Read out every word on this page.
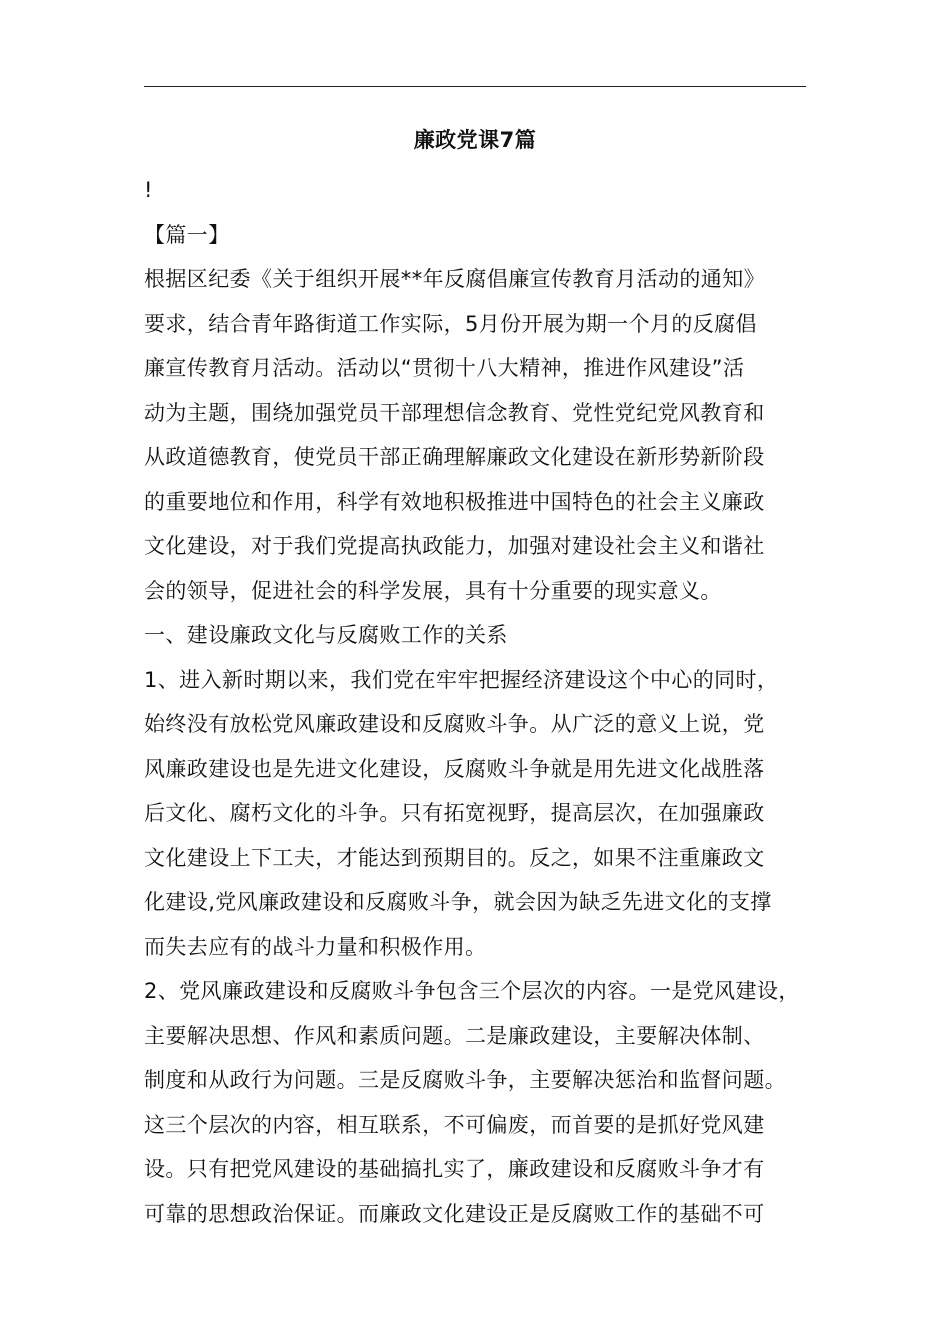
廉政党课7篇
!
【篇一】
根据区纪委《关于组织开展**年反腐倡廉宣传教育月活动的通知》
要求，结合青年路街道工作实际，5月份开展为期一个月的反腐倡
廉宣传教育月活动。活动以“贯彻十八大精神，推进作风建设”活
动为主题，围绕加强党员干部理想信念教育、党性党纪党风教育和
从政道德教育，使党员干部正确理解廉政文化建设在新形势新阶段
的重要地位和作用，科学有效地积极推进中国特色的社会主义廉政
文化建设，对于我们党提高执政能力，加强对建设社会主义和谐社
会的领导，促进社会的科学发展，具有十分重要的现实意义。
一、建设廉政文化与反腐败工作的关系
1、进入新时期以来，我们党在牢牢把握经济建设这个中心的同时，
始终没有放松党风廉政建设和反腐败斗争。从广泛的意义上说，党
风廉政建设也是先进文化建设，反腐败斗争就是用先进文化战胜落
后文化、腐朽文化的斗争。只有拓宽视野，提高层次，在加强廉政
文化建设上下工夫，才能达到预期目的。反之，如果不注重廉政文
化建设,党风廉政建设和反腐败斗争，就会因为缺乏先进文化的支撑
而失去应有的战斗力量和积极作用。
2、党风廉政建设和反腐败斗争包含三个层次的内容。一是党风建设，
主要解决思想、作风和素质问题。二是廉政建设，主要解决体制、
制度和从政行为问题。三是反腐败斗争，主要解决惩治和监督问题。
这三个层次的内容，相互联系，不可偏废，而首要的是抓好党风建
设。只有把党风建设的基础搞扎实了，廉政建设和反腐败斗争才有
可靠的思想政治保证。而廉政文化建设正是反腐败工作的基础不可
